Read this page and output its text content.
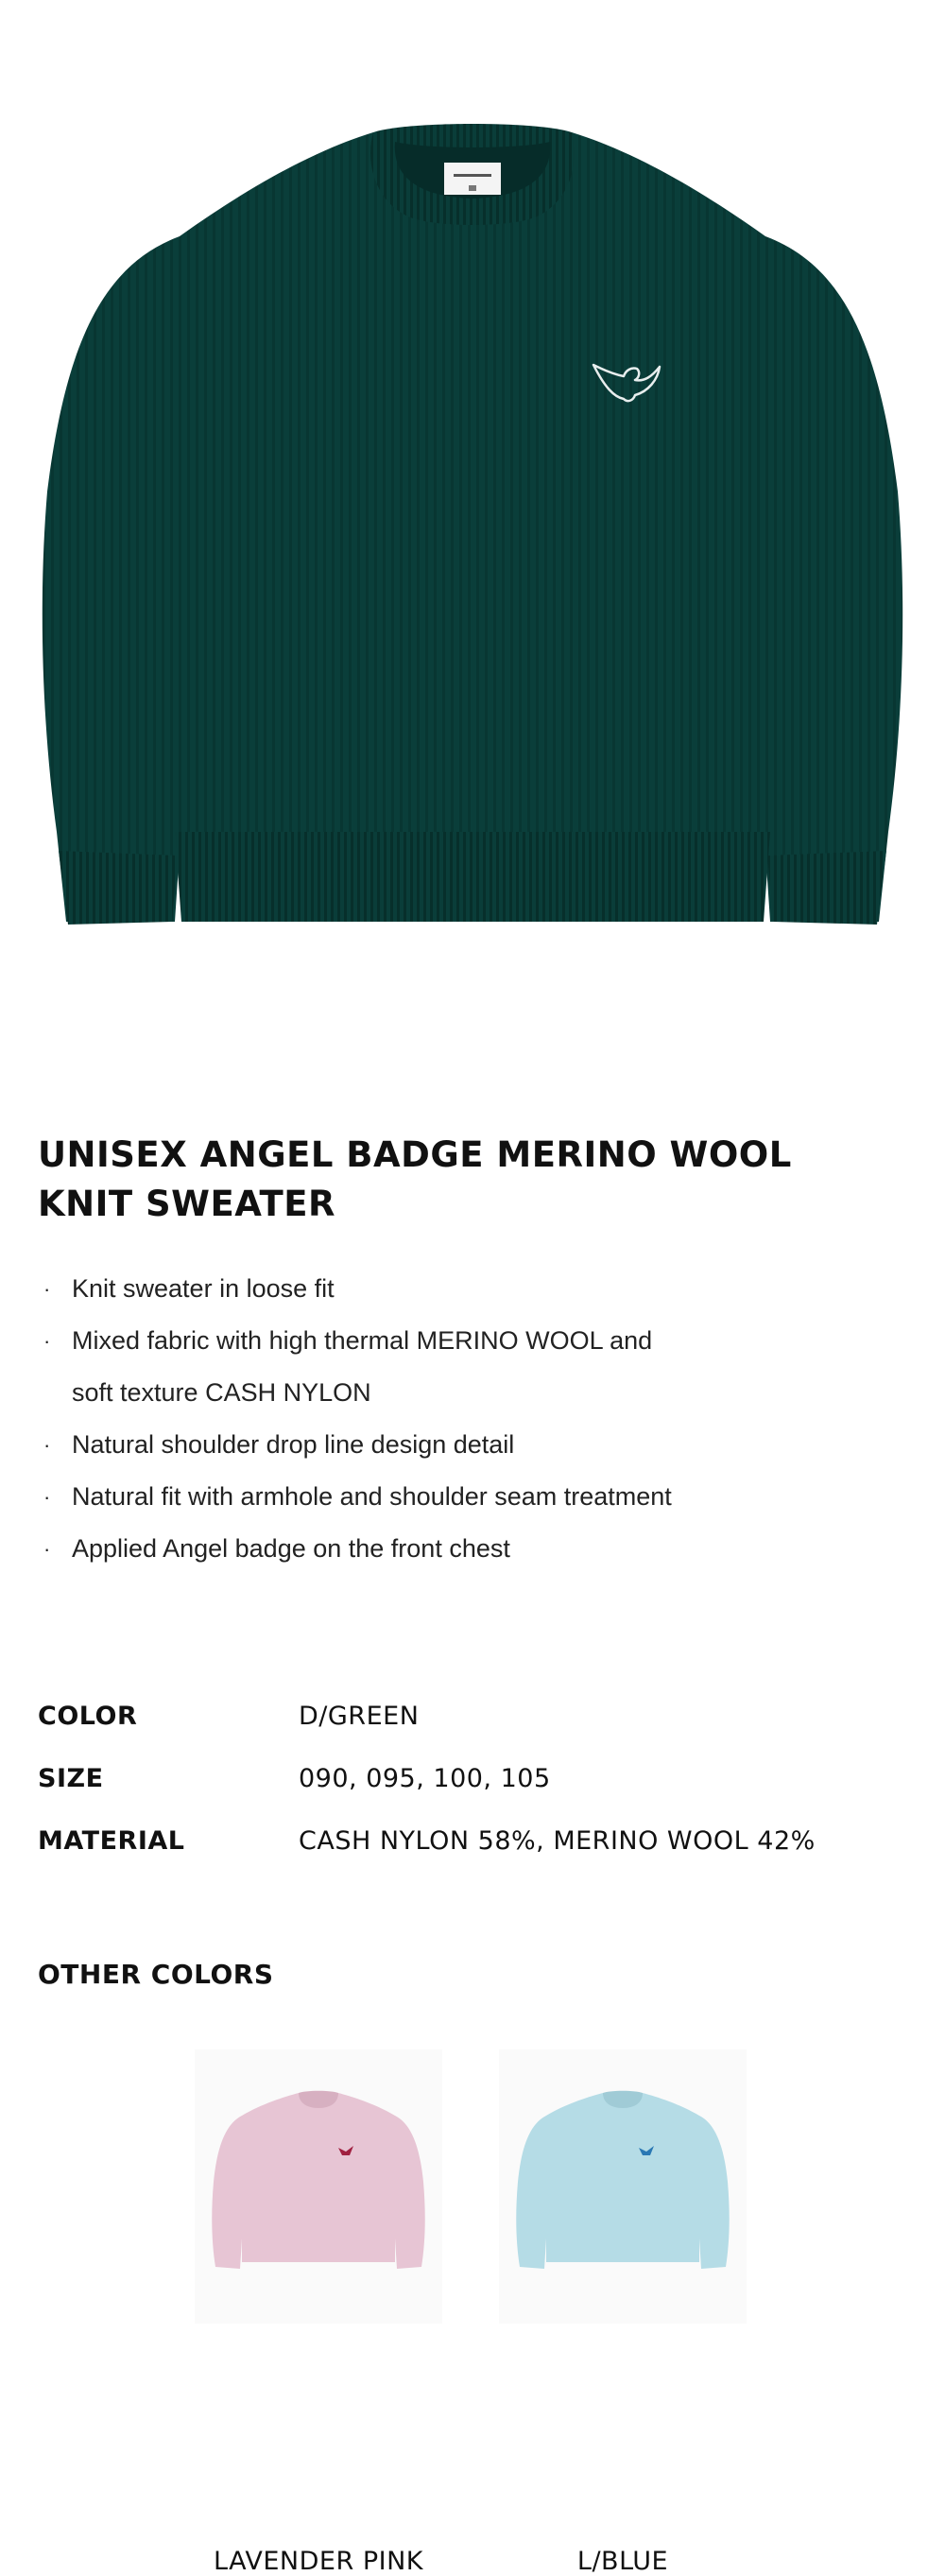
UNISEX ANGEL BADGE MERINO WOOL
KNIT SWEATER
· Knit sweater in loose fit
· Mixed fabric with high thermal MERINO WOOL and
soft texture CASH NYLON
· Natural shoulder drop line design detail
· Natural fit with armhole and shoulder seam treatment
· Applied Angel badge on the front chest
COLOR	D/GREEN
SIZE	090, 095, 100, 105
MATERIAL	CASH NYLON 58%, MERINO WOOL 42%
OTHER COLORS
LAVENDER PINK	L/BLUE
